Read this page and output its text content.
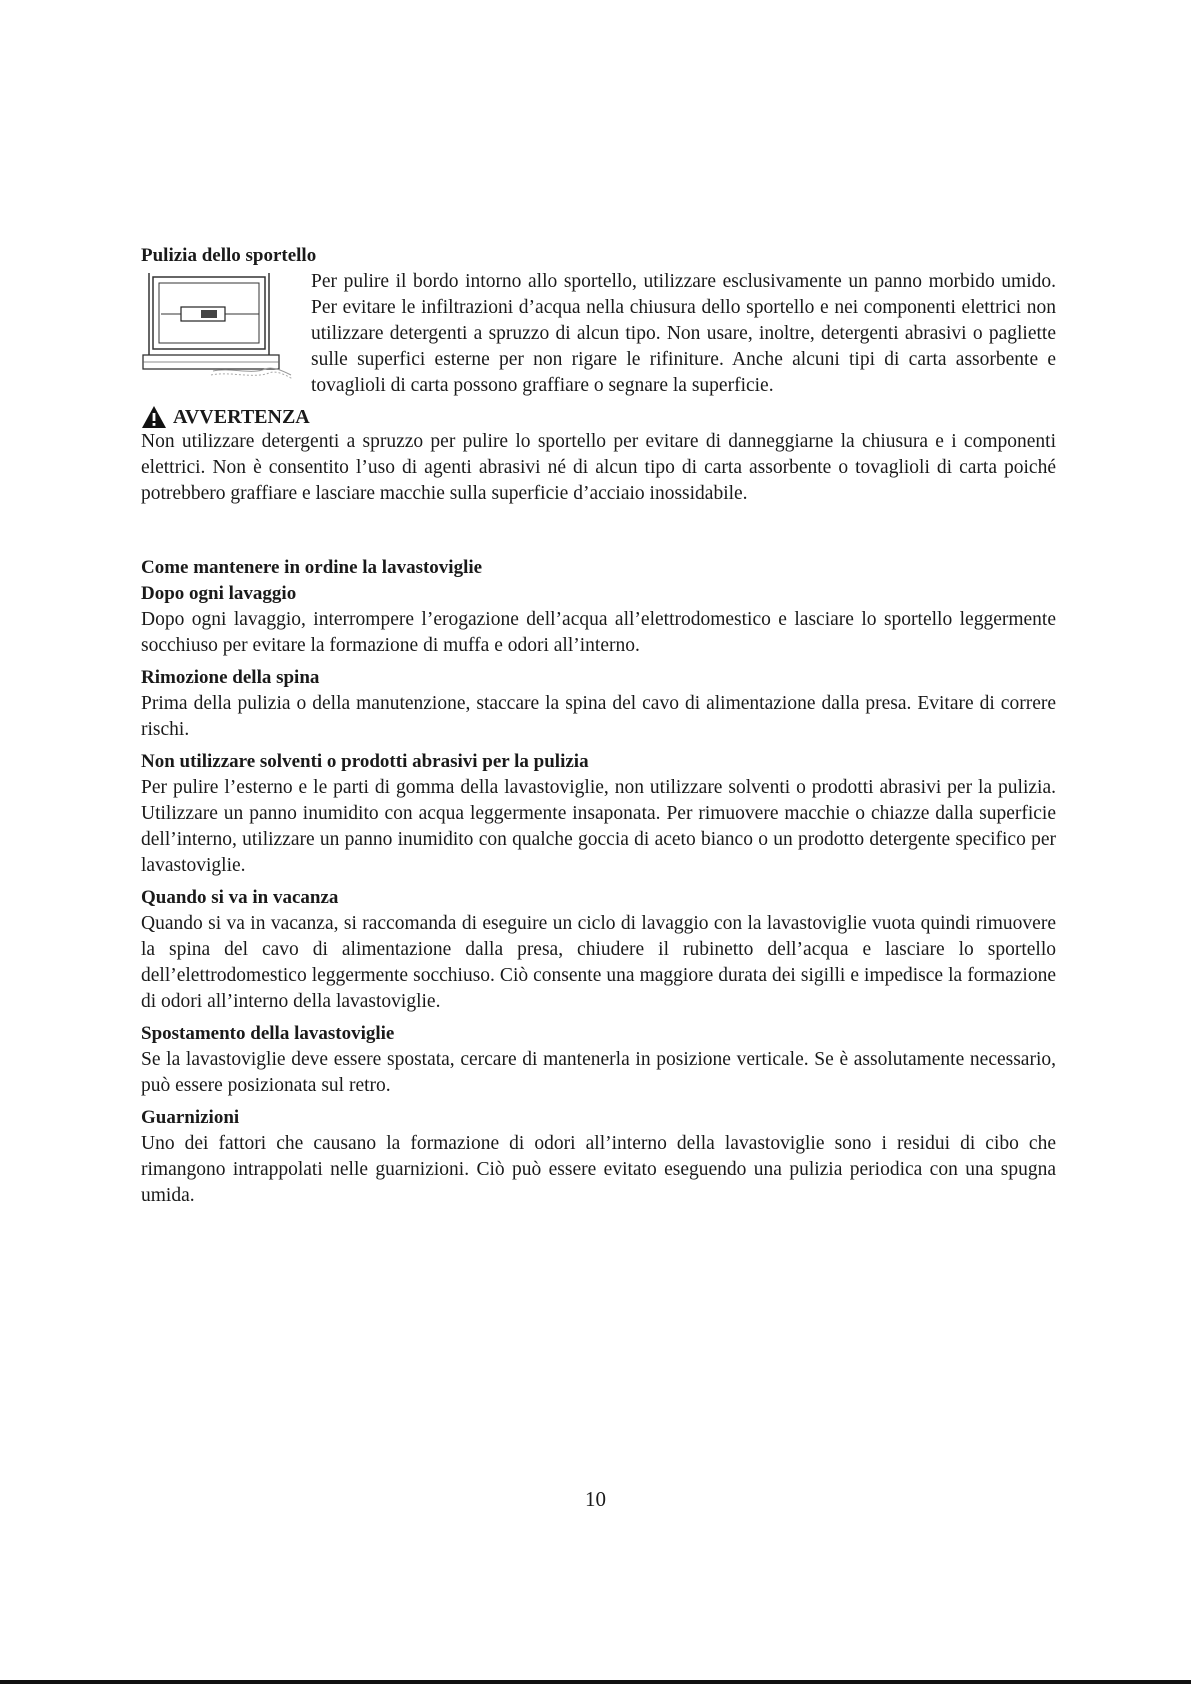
Pulizia dello sportello

Per pulire il bordo intorno allo sportello, utilizzare esclusivamente un panno morbido umido. Per evitare le infiltrazioni d’acqua nella chiusura dello sportello e nei componenti elettrici non utilizzare detergenti a spruzzo di alcun tipo. Non usare, inoltre, detergenti abrasivi o pagliette sulle superfici esterne per non rigare le rifiniture. Anche alcuni tipi di carta assorbente e tovaglioli di carta possono graffiare o segnare la superficie.

AVVERTENZA

Non utilizzare detergenti a spruzzo per pulire lo sportello per evitare di danneggiarne la chiusura e i componenti elettrici. Non è consentito l’uso di agenti abrasivi né di alcun tipo di carta assorbente o tovaglioli di carta poiché potrebbero graffiare e lasciare macchie sulla superficie d’acciaio inossidabile.

Come mantenere in ordine la lavastoviglie
Dopo ogni lavaggio

Dopo ogni lavaggio, interrompere l’erogazione dell’acqua all’elettrodomestico e lasciare lo sportello leggermente socchiuso per evitare la formazione di muffa e odori all’interno.

Rimozione della spina

Prima della pulizia o della manutenzione, staccare la spina del cavo di alimentazione dalla presa. Evitare di correre rischi.

Non utilizzare solventi o prodotti abrasivi per la pulizia

Per pulire l’esterno e le parti di gomma della lavastoviglie, non utilizzare solventi o prodotti abrasivi per la pulizia. Utilizzare un panno inumidito con acqua leggermente insaponata. Per rimuovere macchie o chiazze dalla superficie dell’interno, utilizzare un panno inumidito con qualche goccia di aceto bianco o un prodotto detergente specifico per lavastoviglie.

Quando si va in vacanza

Quando si va in vacanza, si raccomanda di eseguire un ciclo di lavaggio con la lavastoviglie vuota quindi rimuovere la spina del cavo di alimentazione dalla presa, chiudere il rubinetto dell’acqua e lasciare lo sportello dell’elettrodomestico leggermente socchiuso. Ciò consente una maggiore durata dei sigilli e impedisce la formazione di odori all’interno della lavastoviglie.

Spostamento della lavastoviglie

Se la lavastoviglie deve essere spostata, cercare di mantenerla in posizione verticale. Se è assolutamente necessario, può essere posizionata sul retro.

Guarnizioni

Uno dei fattori che causano la formazione di odori all’interno della lavastoviglie sono i residui di cibo che rimangono intrappolati nelle guarnizioni. Ciò può essere evitato eseguendo una pulizia periodica con una spugna umida.

10
